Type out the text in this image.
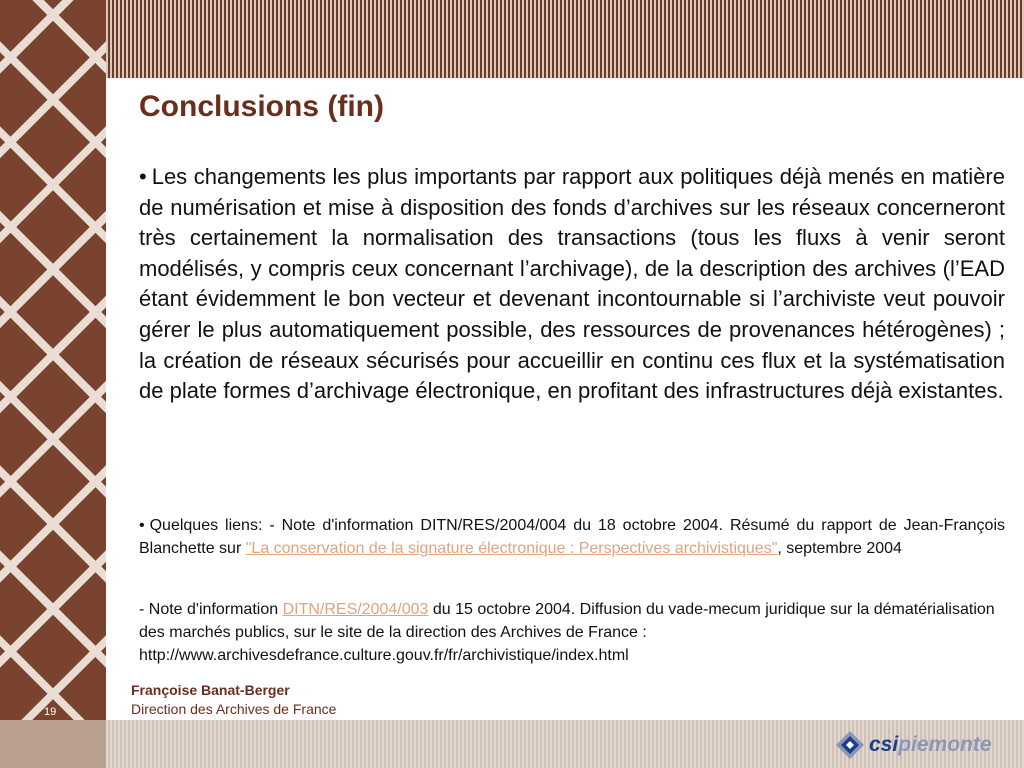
Conclusions (fin)

• Les changements les plus importants par rapport aux politiques déjà menés en matière de numérisation et mise à disposition des fonds d’archives sur les réseaux concerneront très certainement la normalisation des transactions (tous les fluxs à venir seront modélisés, y compris ceux concernant l’archivage), de la description des archives (l’EAD étant évidemment le bon vecteur et devenant incontournable si l’archiviste veut pouvoir gérer le plus automatiquement possible, des ressources de provenances hétérogènes) ; la création de réseaux sécurisés pour accueillir en continu ces flux et la systématisation de plate formes d’archivage électronique, en profitant des infrastructures déjà existantes.

• Quelques liens: - Note d'information DITN/RES/2004/004 du 18 octobre 2004. Résumé du rapport de Jean-François Blanchette sur "La conservation de la signature électronique : Perspectives archivistiques", septembre 2004

- Note d'information DITN/RES/2004/003 du 15 octobre 2004. Diffusion du vade-mecum juridique sur la dématérialisation des marchés publics, sur le site de la direction des Archives de France : http://www.archivesdefrance.culture.gouv.fr/fr/archivistique/index.html

Françoise Banat-Berger
Direction des Archives de France
19
csi piemonte
